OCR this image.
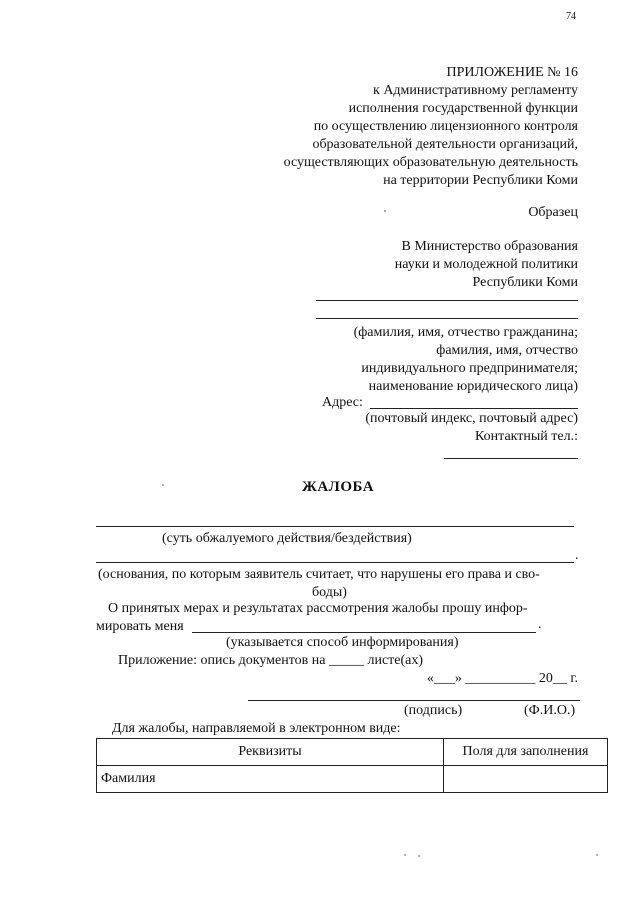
74
ПРИЛОЖЕНИЕ № 16
к Административному регламенту
исполнения государственной функции
по осуществлению лицензионного контроля
образовательной деятельности организаций,
осуществляющих образовательную деятельность
на территории Республики Коми
Образец
В Министерство образования
науки и молодежной политики
Республики Коми
(фамилия, имя, отчество гражданина;
фамилия, имя, отчество
индивидуального предпринимателя;
наименование юридического лица)
Адрес:
(почтовый индекс, почтовый адрес)
Контактный тел.:
ЖАЛОБА
(суть обжалуемого действия/бездействия)
.
(основания, по которым заявитель считает, что нарушены его права и сво-
боды)
О принятых мерах и результатах рассмотрения жалобы прошу инфор-
мировать меня	.
(указывается способ информирования)
Приложение: опись документов на _____ листе(ах)
«___» __________ 20__ г.
(подпись)	(Ф.И.О.)
Для жалобы, направляемой в электронном виде:
Реквизиты	Поля для заполнения
Фамилия	
